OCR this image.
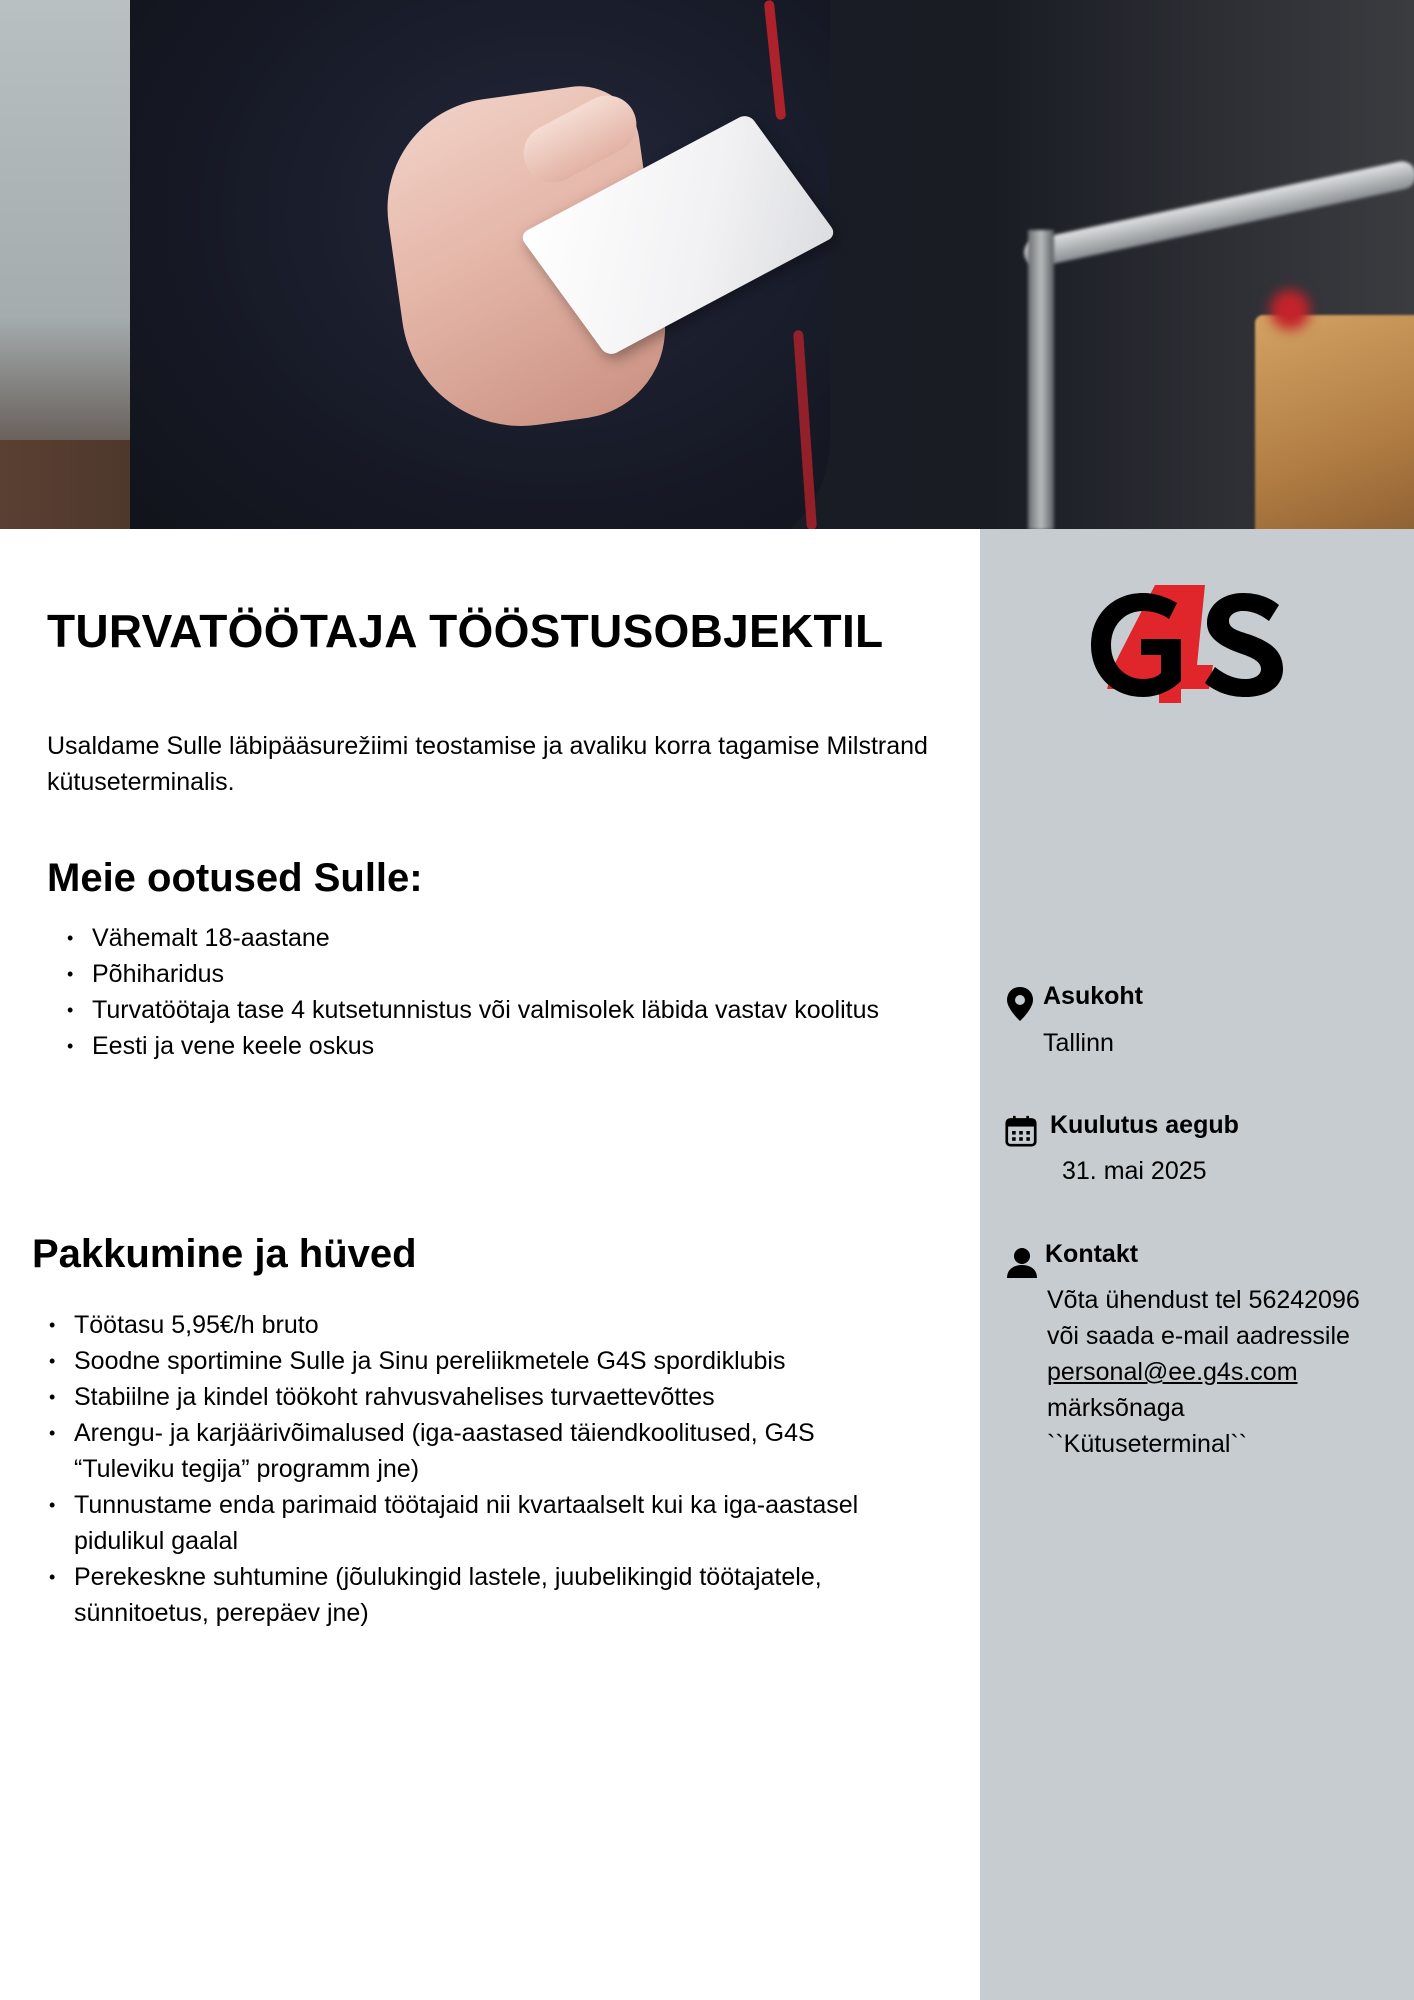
Asukoht
Tallinn
Kuulutus aegub
31. mai 2025
Kontakt
Võta ühendust tel 56242096
või saada e-mail aadressile
personal@ee.g4s.com
märksõnaga
``Kütuseterminal``
TURVATÖÖTAJA TÖÖSTUSOBJEKTIL

Usaldame Sulle läbipääsurežiimi teostamise ja avaliku korra tagamise Milstrand kütuseterminalis.

Meie ootused Sulle:
• Vähemalt 18-aastane
• Põhiharidus
• Turvatöötaja tase 4 kutsetunnistus või valmisolek läbida vastav koolitus
• Eesti ja vene keele oskus
Pakkumine ja hüved
• Töötasu 5,95€/h bruto
• Soodne sportimine Sulle ja Sinu pereliikmetele G4S spordiklubis
• Stabiilne ja kindel töökoht rahvusvahelises turvaettevõttes
• Arengu- ja karjäärivõimalused (iga-aastased täiendkoolitused, G4S “Tuleviku tegija” programm jne)
• Tunnustame enda parimaid töötajaid nii kvartaalselt kui ka iga-aastasel pidulikul gaalal
• Perekeskne suhtumine (jõulukingid lastele, juubelikingid töötajatele, sünnitoetus, perepäev jne)
